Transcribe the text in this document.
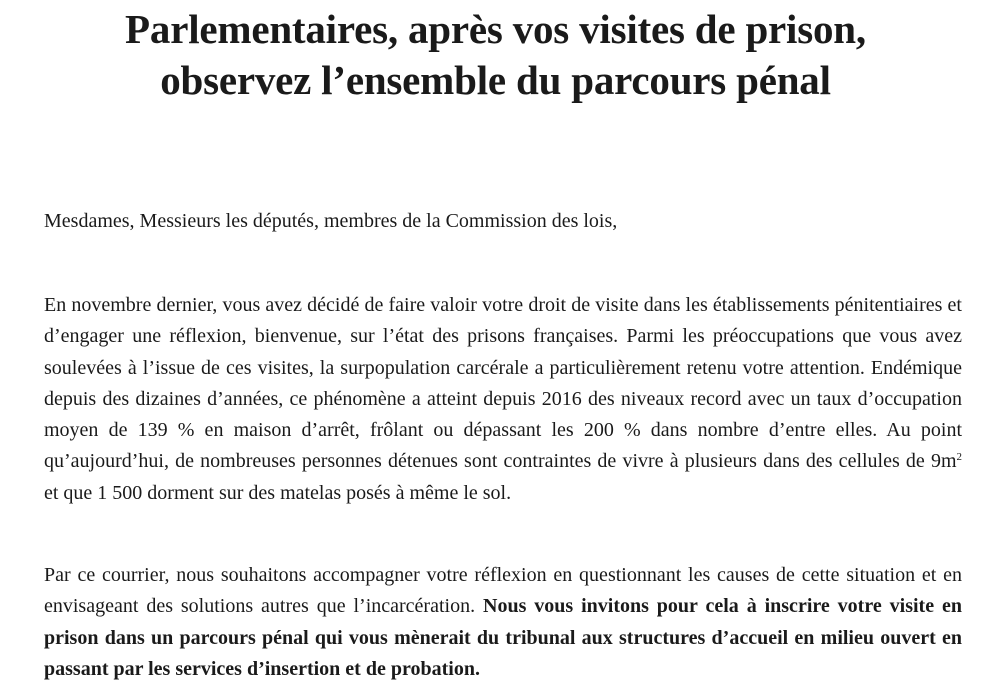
Parlementaires, après vos visites de prison,
observez l’ensemble du parcours pénal

Mesdames, Messieurs les députés, membres de la Commission des lois,

En novembre dernier, vous avez décidé de faire valoir votre droit de visite dans les établissements pénitentiaires et d’engager une réflexion, bienvenue, sur l’état des prisons françaises. Parmi les préoccupations que vous avez soulevées à l’issue de ces visites, la surpopulation carcérale a particulièrement retenu votre attention. Endémique depuis des dizaines d’années, ce phénomène a atteint depuis 2016 des niveaux record avec un taux d’occupation moyen de 139 % en maison d’arrêt, frôlant ou dépassant les 200 % dans nombre d’entre elles. Au point qu’aujourd’hui, de nombreuses personnes détenues sont contraintes de vivre à plusieurs dans des cellules de $9m^2$ et que 1 500 dorment sur des matelas posés à même le sol.

Par ce courrier, nous souhaitons accompagner votre réflexion en questionnant les causes de cette situation et en envisageant des solutions autres que l’incarcération. Nous vous invitons pour cela à inscrire votre visite en prison dans un parcours pénal qui vous mènerait du tribunal aux structures d’accueil en milieu ouvert en passant par les services d’insertion et de probation.
